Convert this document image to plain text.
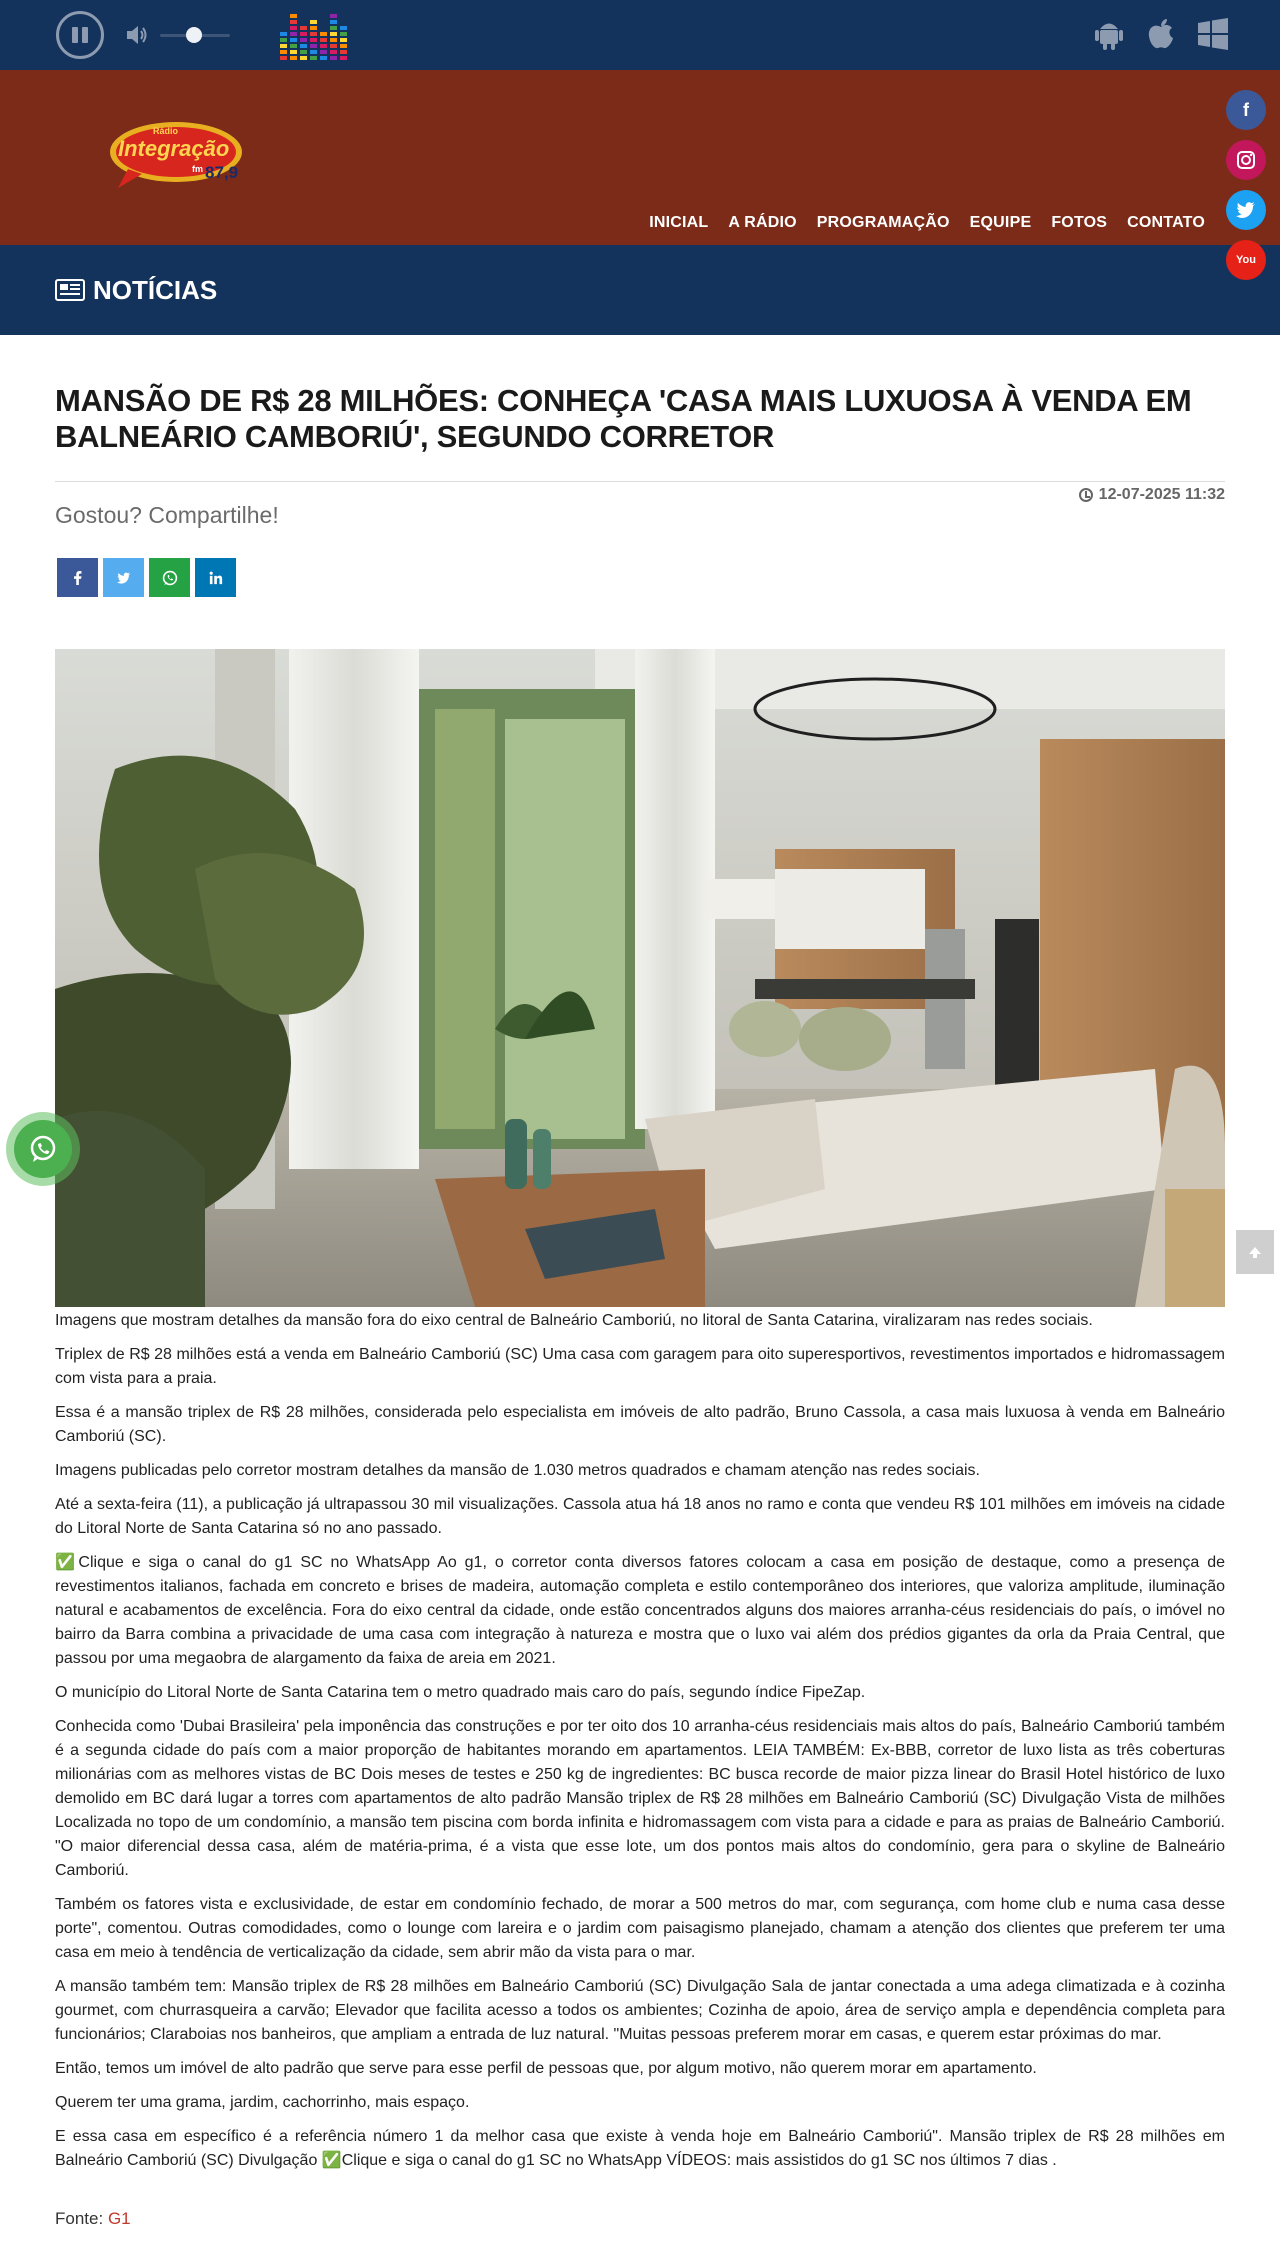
Rádio
Integração
fm 87,9
INICIAL A RÁDIO PROGRAMAÇÃO EQUIPE FOTOS CONTATO
f
You
NOTÍCIAS
MANSÃO DE R$ 28 MILHÕES: CONHEÇA 'CASA MAIS LUXUOSA À VENDA EM BALNEÁRIO CAMBORIÚ', SEGUNDO CORRETOR
Gostou? Compartilhe!
12-07-2025 11:32
Imagens que mostram detalhes da mansão fora do eixo central de Balneário Camboriú, no litoral de Santa Catarina, viralizaram nas redes sociais.

Triplex de R$ 28 milhões está a venda em Balneário Camboriú (SC) Uma casa com garagem para oito superesportivos, revestimentos importados e hidromassagem com vista para a praia.

Essa é a mansão triplex de R$ 28 milhões, considerada pelo especialista em imóveis de alto padrão, Bruno Cassola, a casa mais luxuosa à venda em Balneário Camboriú (SC).

Imagens publicadas pelo corretor mostram detalhes da mansão de 1.030 metros quadrados e chamam atenção nas redes sociais.

Até a sexta-feira (11), a publicação já ultrapassou 30 mil visualizações. Cassola atua há 18 anos no ramo e conta que vendeu R$ 101 milhões em imóveis na cidade do Litoral Norte de Santa Catarina só no ano passado.

✅Clique e siga o canal do g1 SC no WhatsApp Ao g1, o corretor conta diversos fatores colocam a casa em posição de destaque, como a presença de revestimentos italianos, fachada em concreto e brises de madeira, automação completa e estilo contemporâneo dos interiores, que valoriza amplitude, iluminação natural e acabamentos de excelência. Fora do eixo central da cidade, onde estão concentrados alguns dos maiores arranha-céus residenciais do país, o imóvel no bairro da Barra combina a privacidade de uma casa com integração à natureza e mostra que o luxo vai além dos prédios gigantes da orla da Praia Central, que passou por uma megaobra de alargamento da faixa de areia em 2021.

O município do Litoral Norte de Santa Catarina tem o metro quadrado mais caro do país, segundo índice FipeZap.

Conhecida como 'Dubai Brasileira' pela imponência das construções e por ter oito dos 10 arranha-céus residenciais mais altos do país, Balneário Camboriú também é a segunda cidade do país com a maior proporção de habitantes morando em apartamentos. LEIA TAMBÉM: Ex-BBB, corretor de luxo lista as três coberturas milionárias com as melhores vistas de BC Dois meses de testes e 250 kg de ingredientes: BC busca recorde de maior pizza linear do Brasil Hotel histórico de luxo demolido em BC dará lugar a torres com apartamentos de alto padrão Mansão triplex de R$ 28 milhões em Balneário Camboriú (SC) Divulgação Vista de milhões Localizada no topo de um condomínio, a mansão tem piscina com borda infinita e hidromassagem com vista para a cidade e para as praias de Balneário Camboriú. "O maior diferencial dessa casa, além de matéria-prima, é a vista que esse lote, um dos pontos mais altos do condomínio, gera para o skyline de Balneário Camboriú.

Também os fatores vista e exclusividade, de estar em condomínio fechado, de morar a 500 metros do mar, com segurança, com home club e numa casa desse porte", comentou. Outras comodidades, como o lounge com lareira e o jardim com paisagismo planejado, chamam a atenção dos clientes que preferem ter uma casa em meio à tendência de verticalização da cidade, sem abrir mão da vista para o mar.

A mansão também tem: Mansão triplex de R$ 28 milhões em Balneário Camboriú (SC) Divulgação Sala de jantar conectada a uma adega climatizada e à cozinha gourmet, com churrasqueira a carvão; Elevador que facilita acesso a todos os ambientes; Cozinha de apoio, área de serviço ampla e dependência completa para funcionários; Claraboias nos banheiros, que ampliam a entrada de luz natural. "Muitas pessoas preferem morar em casas, e querem estar próximas do mar.

Então, temos um imóvel de alto padrão que serve para esse perfil de pessoas que, por algum motivo, não querem morar em apartamento.

Querem ter uma grama, jardim, cachorrinho, mais espaço.

E essa casa em específico é a referência número 1 da melhor casa que existe à venda hoje em Balneário Camboriú". Mansão triplex de R$ 28 milhões em Balneário Camboriú (SC) Divulgação ✅Clique e siga o canal do g1 SC no WhatsApp VÍDEOS: mais assistidos do g1 SC nos últimos 7 dias .

Fonte: G1
